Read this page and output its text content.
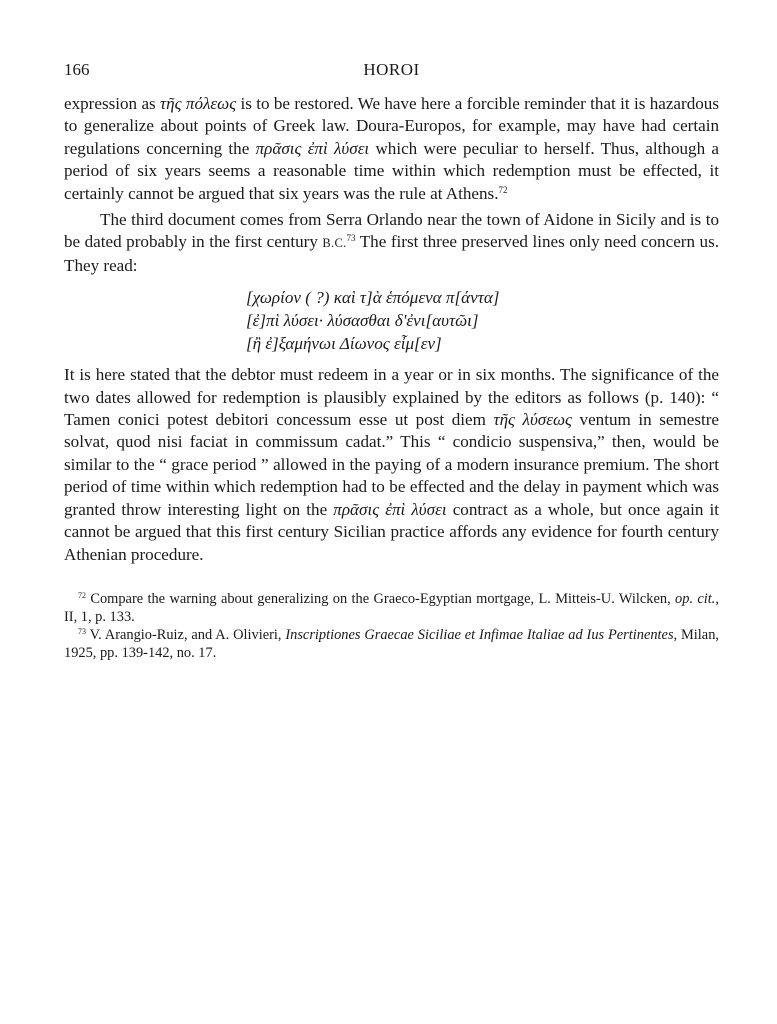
166	HOROI

expression as τῆς πόλεως is to be restored. We have here a forcible reminder that it is hazardous to generalize about points of Greek law. Doura-Europos, for example, may have had certain regulations concerning the πρᾶσις ἐπὶ λύσει which were peculiar to herself. Thus, although a period of six years seems a reasonable time within which redemption must be effected, it certainly cannot be argued that six years was the rule at Athens.$^{72}$

The third document comes from Serra Orlando near the town of Aidone in Sicily and is to be dated probably in the first century B.C.$^{73}$ The first three preserved lines only need concern us. They read:

[χωρίον ( ?) καὶ τ]ὰ ἑπόμενα π[άντα]
[ἐ]πὶ λύσει· λύσασθαι δ'ἐνι[αυτῶι]
[ἢ ἐ]ξαμήνωι Δίωνος εἶμ[εν]

It is here stated that the debtor must redeem in a year or in six months. The significance of the two dates allowed for redemption is plausibly explained by the editors as follows (p. 140): “ Tamen conici potest debitori concessum esse ut post diem τῆς λύσεως ventum in semestre solvat, quod nisi faciat in commissum cadat.” This “ condicio suspensiva,” then, would be similar to the “ grace period ” allowed in the paying of a modern insurance premium. The short period of time within which redemption had to be effected and the delay in payment which was granted throw interesting light on the πρᾶσις ἐπὶ λύσει contract as a whole, but once again it cannot be argued that this first century Sicilian practice affords any evidence for fourth century Athenian procedure.

$^{72}$ Compare the warning about generalizing on the Graeco-Egyptian mortgage, L. Mitteis-U. Wilcken, op. cit., II, 1, p. 133.

$^{73}$ V. Arangio-Ruiz, and A. Olivieri, Inscriptiones Graecae Siciliae et Infimae Italiae ad Ius Pertinentes, Milan, 1925, pp. 139-142, no. 17.
